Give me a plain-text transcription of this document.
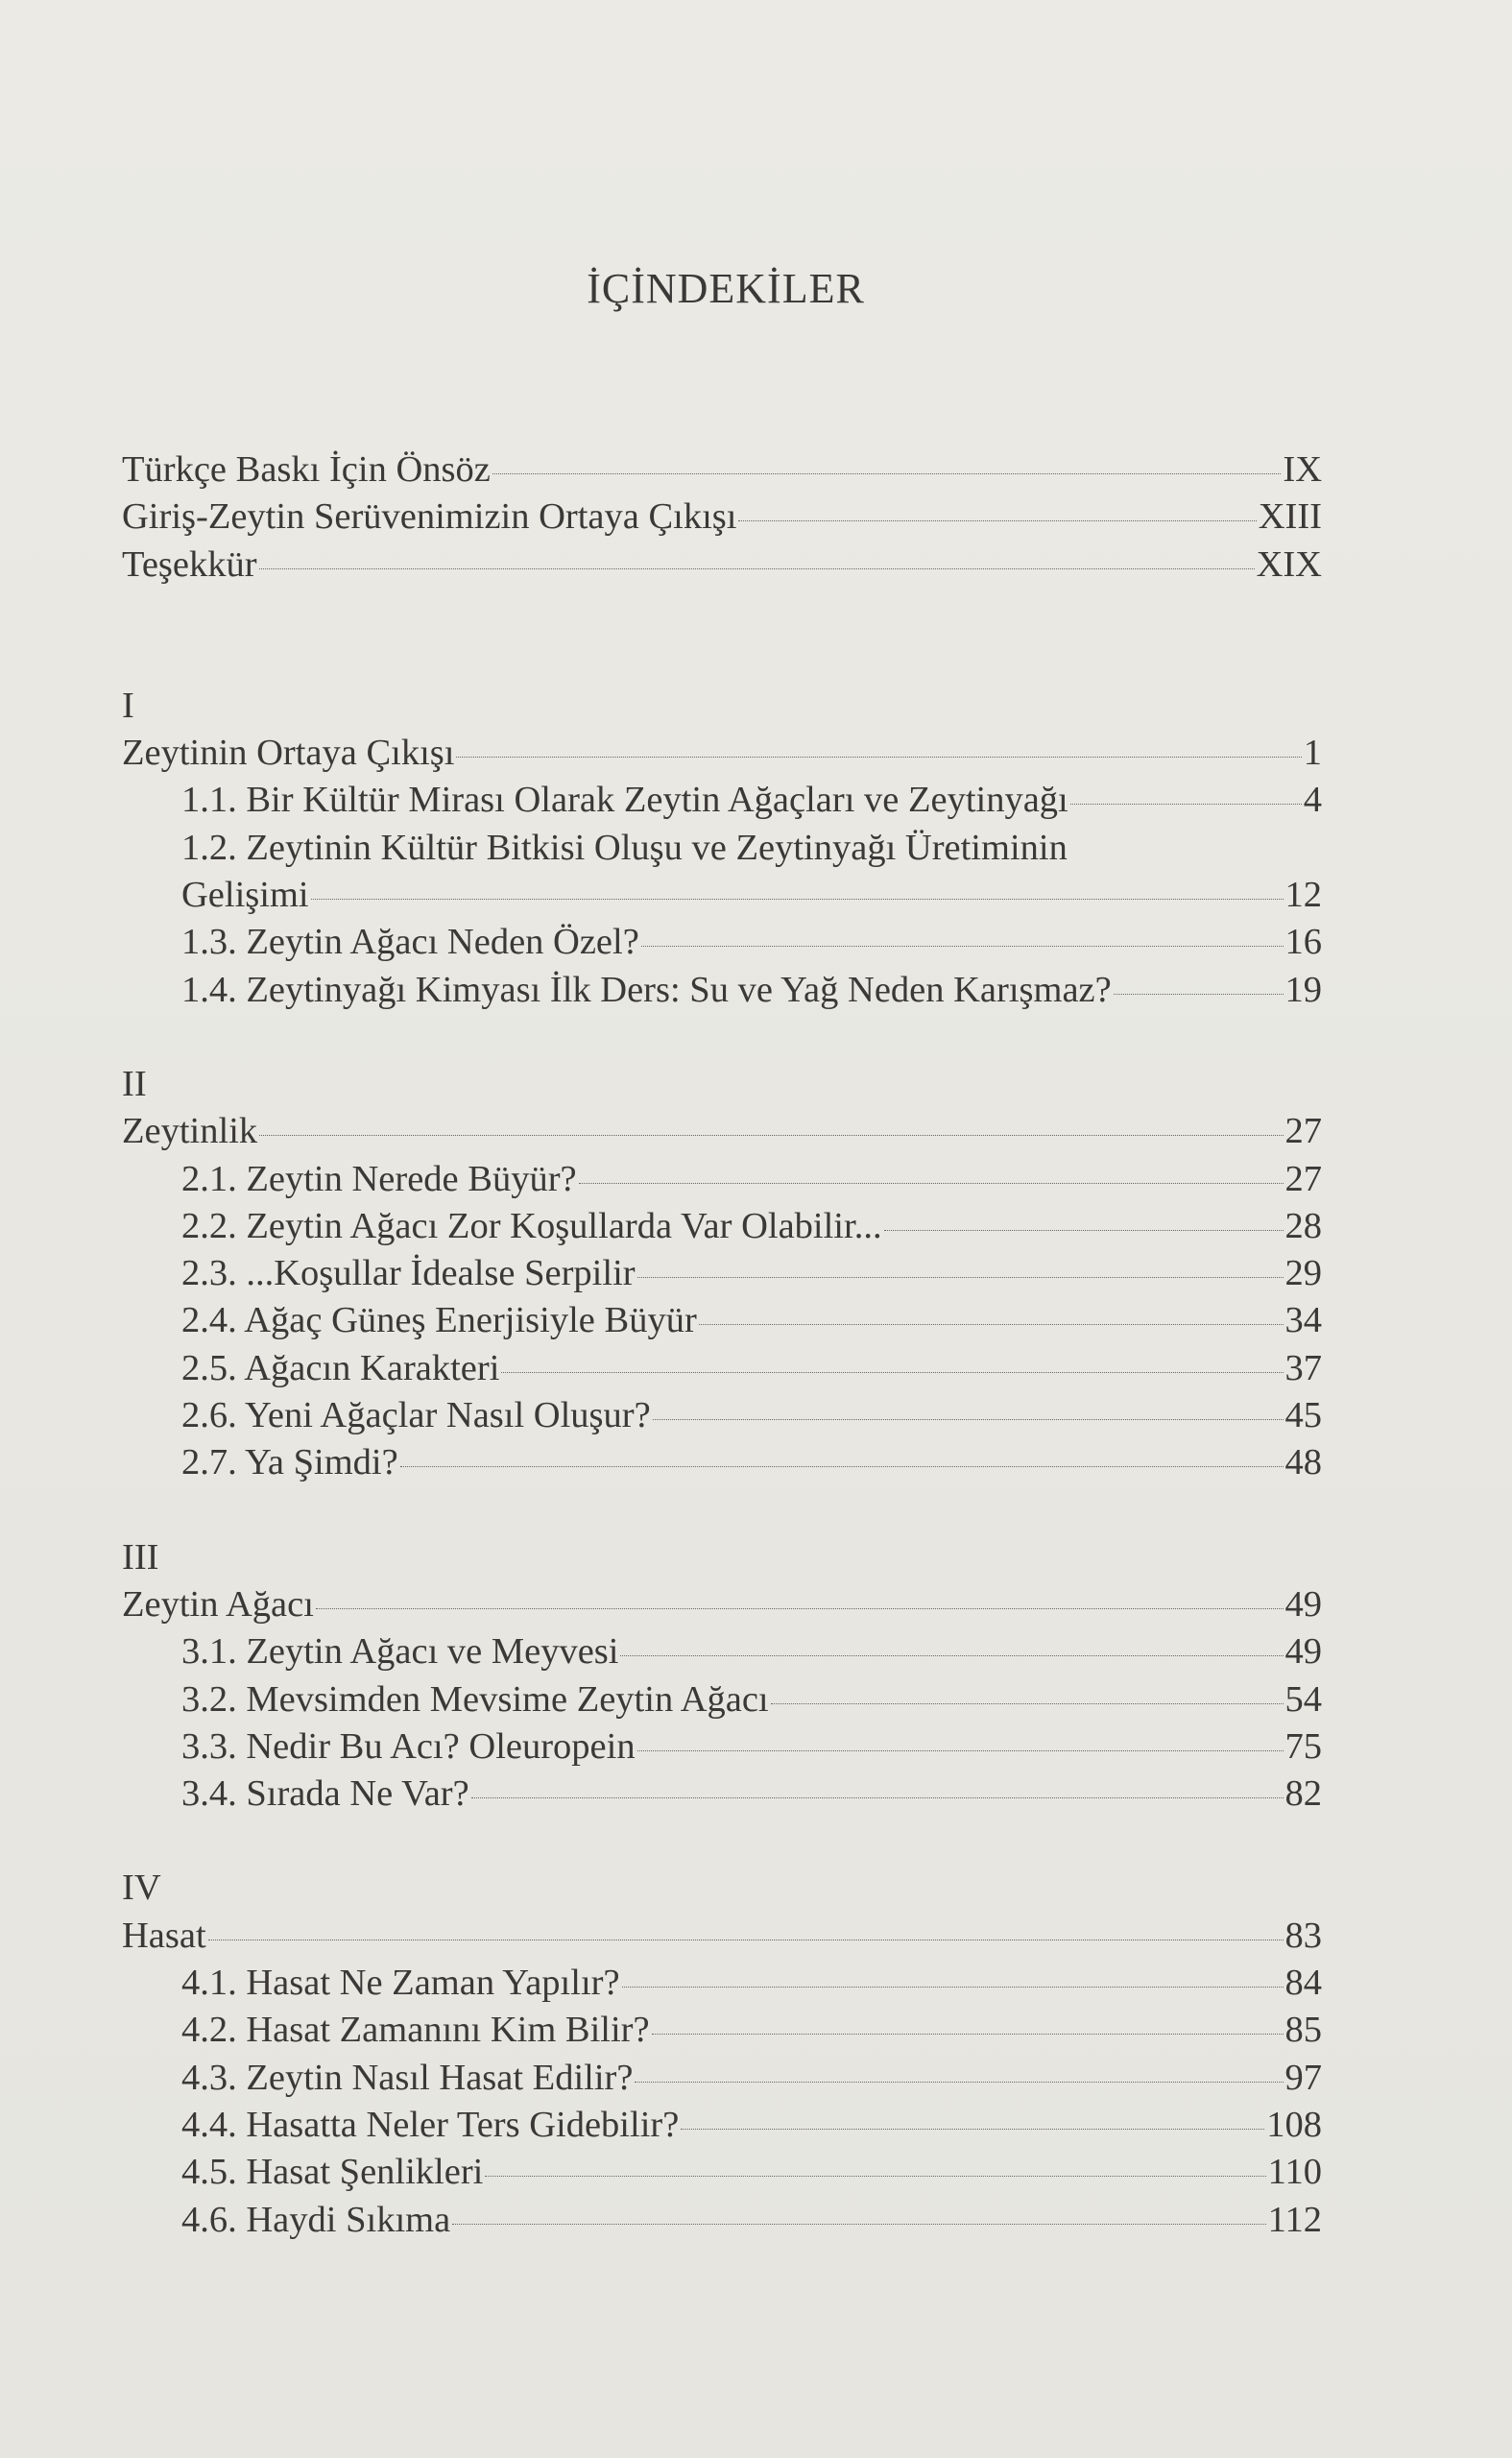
İÇİNDEKİLER
Türkçe Baskı İçin Önsöz	IX
Giriş-Zeytin Serüvenimizin Ortaya Çıkışı	XIII
Teşekkür	XIX
I
Zeytinin Ortaya Çıkışı	1
1.1. Bir Kültür Mirası Olarak Zeytin Ağaçları ve Zeytinyağı	4
1.2. Zeytinin Kültür Bitkisi Oluşu ve Zeytinyağı Üretiminin
Gelişimi	12
1.3. Zeytin Ağacı Neden Özel?	16
1.4. Zeytinyağı Kimyası İlk Ders: Su ve Yağ Neden Karışmaz?	19
II
Zeytinlik	27
2.1. Zeytin Nerede Büyür?	27
2.2. Zeytin Ağacı Zor Koşullarda Var Olabilir...	28
2.3. ...Koşullar İdealse Serpilir	29
2.4. Ağaç Güneş Enerjisiyle Büyür	34
2.5. Ağacın Karakteri	37
2.6. Yeni Ağaçlar Nasıl Oluşur?	45
2.7. Ya Şimdi?	48
III
Zeytin Ağacı	49
3.1. Zeytin Ağacı ve Meyvesi	49
3.2. Mevsimden Mevsime Zeytin Ağacı	54
3.3. Nedir Bu Acı? Oleuropein	75
3.4. Sırada Ne Var?	82
IV
Hasat	83
4.1. Hasat Ne Zaman Yapılır?	84
4.2. Hasat Zamanını Kim Bilir?	85
4.3. Zeytin Nasıl Hasat Edilir?	97
4.4. Hasatta Neler Ters Gidebilir?	108
4.5. Hasat Şenlikleri	110
4.6. Haydi Sıkıma	112
